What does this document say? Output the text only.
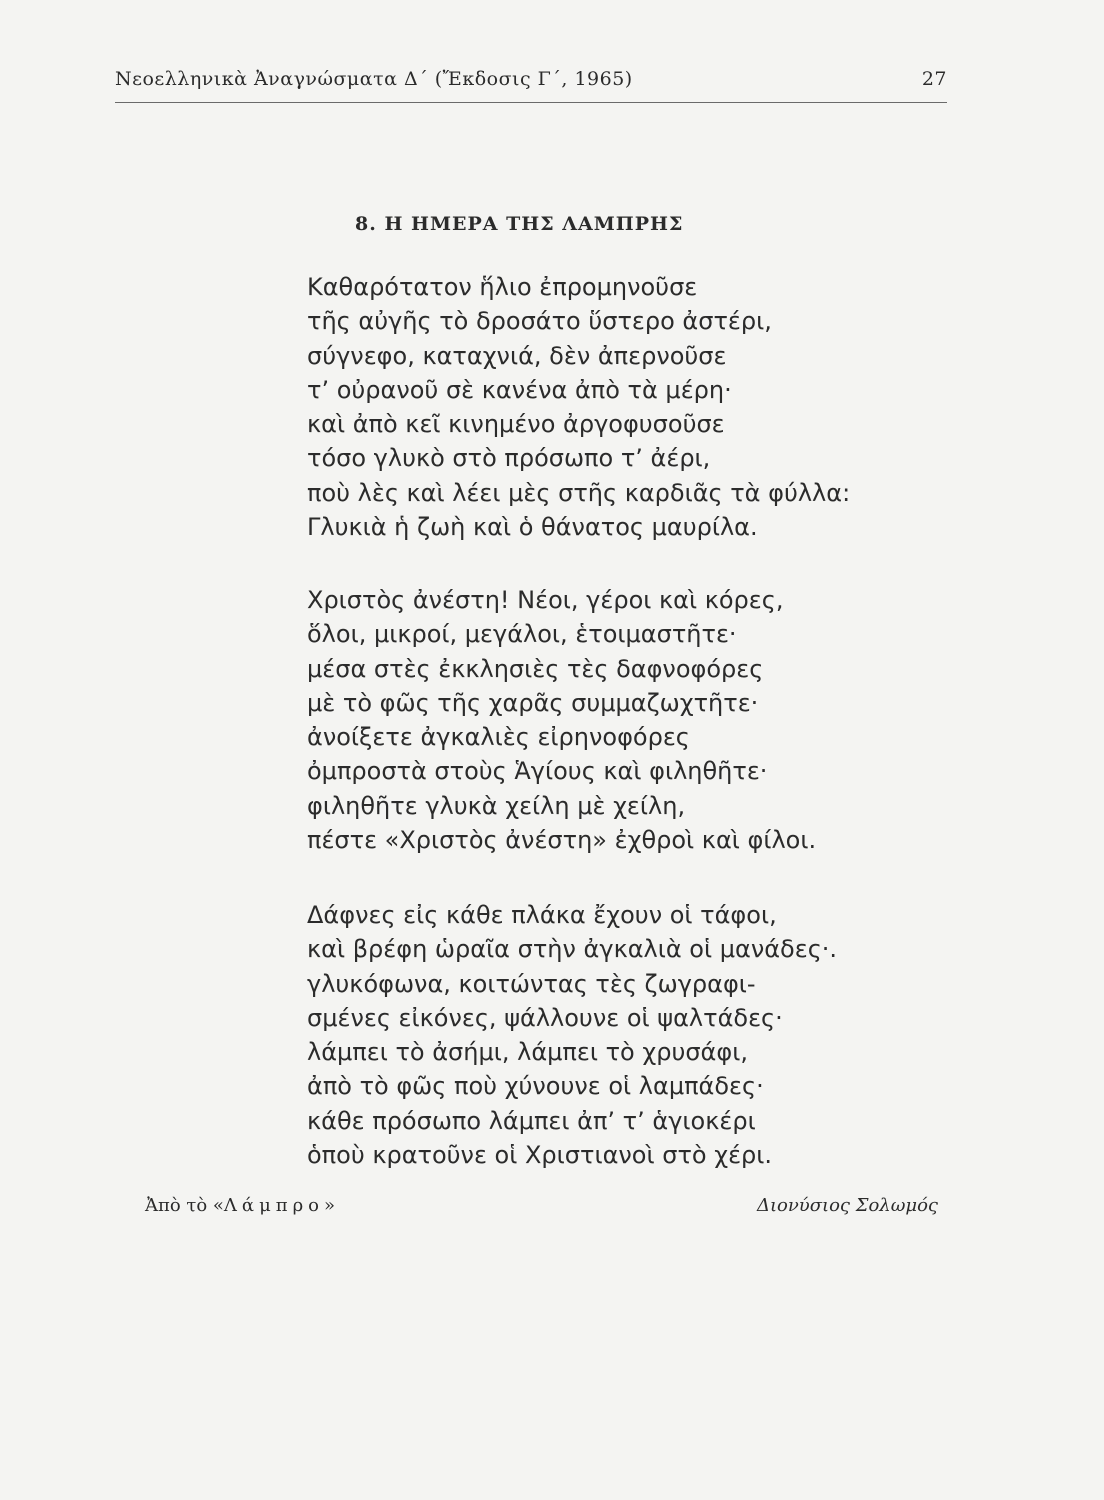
Νεοελληνικὰ Ἀναγνώσματα Δ΄ (Ἔκδοσις Γ΄, 1965)	27
8. Η ΗΜΕΡΑ ΤΗΣ ΛΑΜΠΡΗΣ
Καθαρότατον ἥλιο ἐπρομηνοῦσε
τῆς αὐγῆς τὸ δροσάτο ὕστερο ἀστέρι,
σύγνεφο, καταχνιά, δὲν ἀπερνοῦσε
τ’ οὐρανοῦ σὲ κανένα ἀπὸ τὰ μέρη·
καὶ ἀπὸ κεῖ κινημένο ἀργοφυσοῦσε
τόσο γλυκὸ στὸ πρόσωπο τ’ ἀέρι,
ποὺ λὲς καὶ λέει μὲς στῆς καρδιᾶς τὰ φύλλα:
Γλυκιὰ ἡ ζωὴ καὶ ὁ θάνατος μαυρίλα.
Χριστὸς ἀνέστη! Νέοι, γέροι καὶ κόρες,
ὅλοι, μικροί, μεγάλοι, ἑτοιμαστῆτε·
μέσα στὲς ἐκκλησιὲς τὲς δαφνοφόρες
μὲ τὸ φῶς τῆς χαρᾶς συμμαζωχτῆτε·
ἀνοίξετε ἀγκαλιὲς εἰρηνοφόρες
ὀμπροστὰ στοὺς Ἁγίους καὶ φιληθῆτε·
φιληθῆτε γλυκὰ χείλη μὲ χείλη,
πέστε «Χριστὸς ἀνέστη» ἐχθροὶ καὶ φίλοι.
Δάφνες εἰς κάθε πλάκα ἔχουν οἱ τάφοι,
καὶ βρέφη ὡραῖα στὴν ἀγκαλιὰ οἱ μανάδες·.
γλυκόφωνα, κοιτώντας τὲς ζωγραφι-
σμένες εἰκόνες, ψάλλουνε οἱ ψαλτάδες·
λάμπει τὸ ἀσήμι, λάμπει τὸ χρυσάφι,
ἀπὸ τὸ φῶς ποὺ χύνουνε οἱ λαμπάδες·
κάθε πρόσωπο λάμπει ἀπ’ τ’ ἁγιοκέρι
ὁποὺ κρατοῦνε οἱ Χριστιανοὶ στὸ χέρι.
Ἀπὸ τὸ «Λάμπρο»	Διονύσιος Σολωμός
